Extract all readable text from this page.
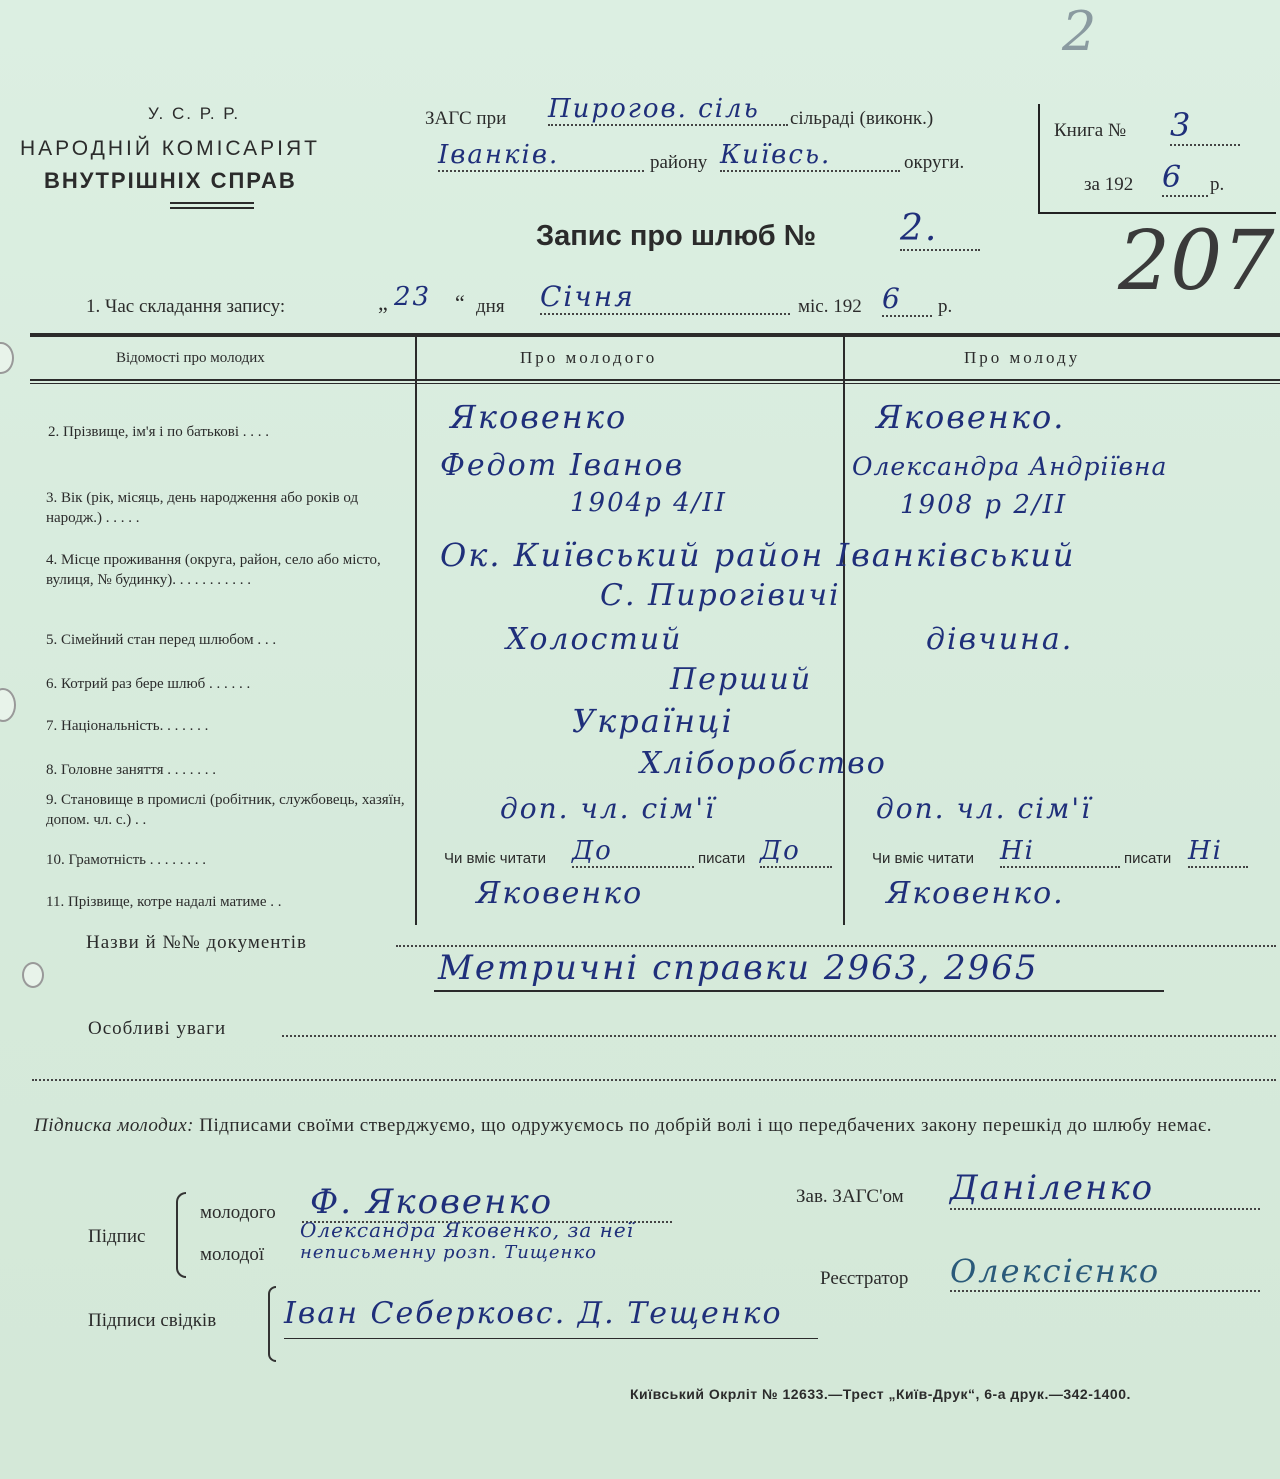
2
У. С. Р. Р.
НАРОДНІЙ КОМІСАРІЯТ
ВНУТРІШНІХ СПРАВ
ЗАГС при Пирогов. сіль	сільраді (виконк.)
Іванків.	району Київсь.	округи.
Книга № 3
за 192 6	р.
Запис про шлюб № 2.	207
1. Час складання запису:	„ 23 “ дня Січня	міс. 192 6	р.
Відомості про молодих	Про молодого	Про молоду
2. Прізвище, ім'я і по батькові . . . .	Яковенко	Яковенко.
Федот Іванов	Олександра Андріївна
3. Вік (рік, місяць, день народження або років од народж.) . . . . .	1904р 4/ІІ	1908 р 2/ІІ
4. Місце проживання (округа, район, село або місто, вулиця, № будинку). . . . . . . . . . .
Ок. Київський район Іванківський
С. Пирогівичі
5. Сімейний стан перед шлюбом . . .	Холостий	дівчина.
6. Котрий раз бере шлюб . . . . . .	Перший
7. Національність. . . . . . .	Українці
8. Головне заняття . . . . . . .	Хліборобство
9. Становище в промислі (робітник, службовець, хазяїн, допом. чл. с.) . .	доп. чл. сім'ї	доп. чл. сім'ї
10. Грамотність . . . . . . . .	Чи вміє читати До	писати До	Чи вміє читати Ні	писати Ні
11. Прізвище, котре надалі матиме . .	Яковенко	Яковенко.
Назви й №№ документів
Метричні справки 2963, 2965
Особливі уваги
Підписка молодих: Підписами своїми стверджуємо, що одружуємось по добрій волі і що передбачених закону перешкід до шлюбу немає.
Підпис
молодого Ф. Яковенко
молодої
Олександра Яковенко, за неї
неписьменну розп. Тищенко
Зав. ЗАГС'ом Даніленко
Реєстратор Олексієнко
Підписи свідків Іван Себерковс. Д. Тещенко
Київський Окрліт № 12633.—Трест „Київ-Друк“, 6-а друк.—342-1400.
